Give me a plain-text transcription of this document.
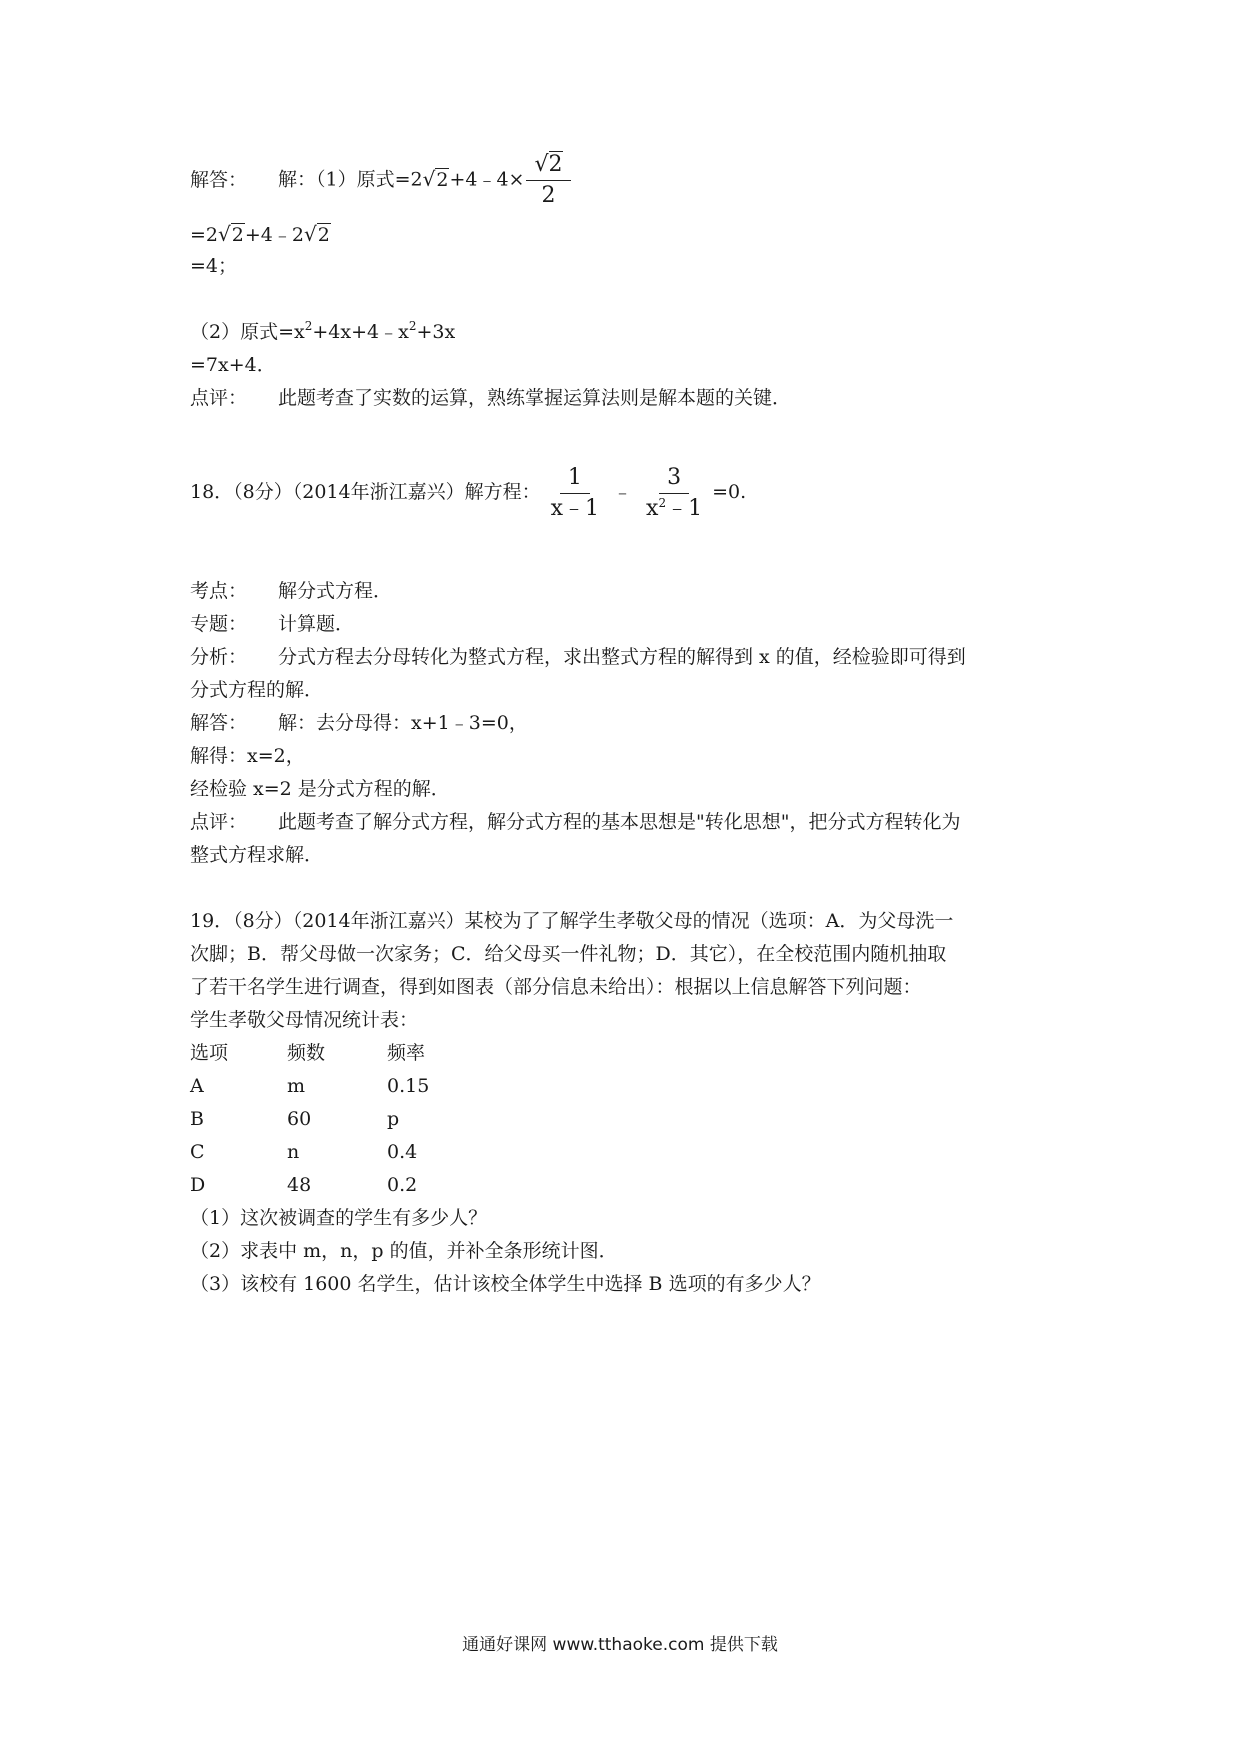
解答： 解：（1）原式=2√2+4﹣4× $\frac{√2}{2}$
=2√2+4﹣2√2
=4；
（2）原式$=x^2+4x+4﹣x^2+3x$
=7x+4．
点评： 此题考查了实数的运算，熟练掌握运算法则是解本题的关键．
18．（8分）（2014年浙江嘉兴）解方程： $\frac{1}{x﹣1}$ ﹣ $\frac{3}{x^2﹣1} =0$.
考点： 解分式方程．
专题： 计算题．
分析： 分式方程去分母转化为整式方程，求出整式方程的解得到 x 的值，经检验即可得到
分式方程的解．
解答： 解：去分母得：x+1﹣3=0，
解得：x=2，
经检验 x=2 是分式方程的解．
点评： 此题考查了解分式方程，解分式方程的基本思想是"转化思想"，把分式方程转化为
整式方程求解．
19．（8分）（2014年浙江嘉兴）某校为了了解学生孝敬父母的情况（选项：A．为父母洗一
次脚；B．帮父母做一次家务；C．给父母买一件礼物；D．其它），在全校范围内随机抽取
了若干名学生进行调查，得到如图表（部分信息未给出）：根据以上信息解答下列问题：
学生孝敬父母情况统计表：
选项	频数	频率
A	m	0.15
B	60	p
C	n	0.4
D	48	0.2
（1）这次被调查的学生有多少人？
（2）求表中 m，n，p 的值，并补全条形统计图．
（3）该校有 1600 名学生，估计该校全体学生中选择 B 选项的有多少人？
通通好课网 www.tthaoke.com 提供下载
